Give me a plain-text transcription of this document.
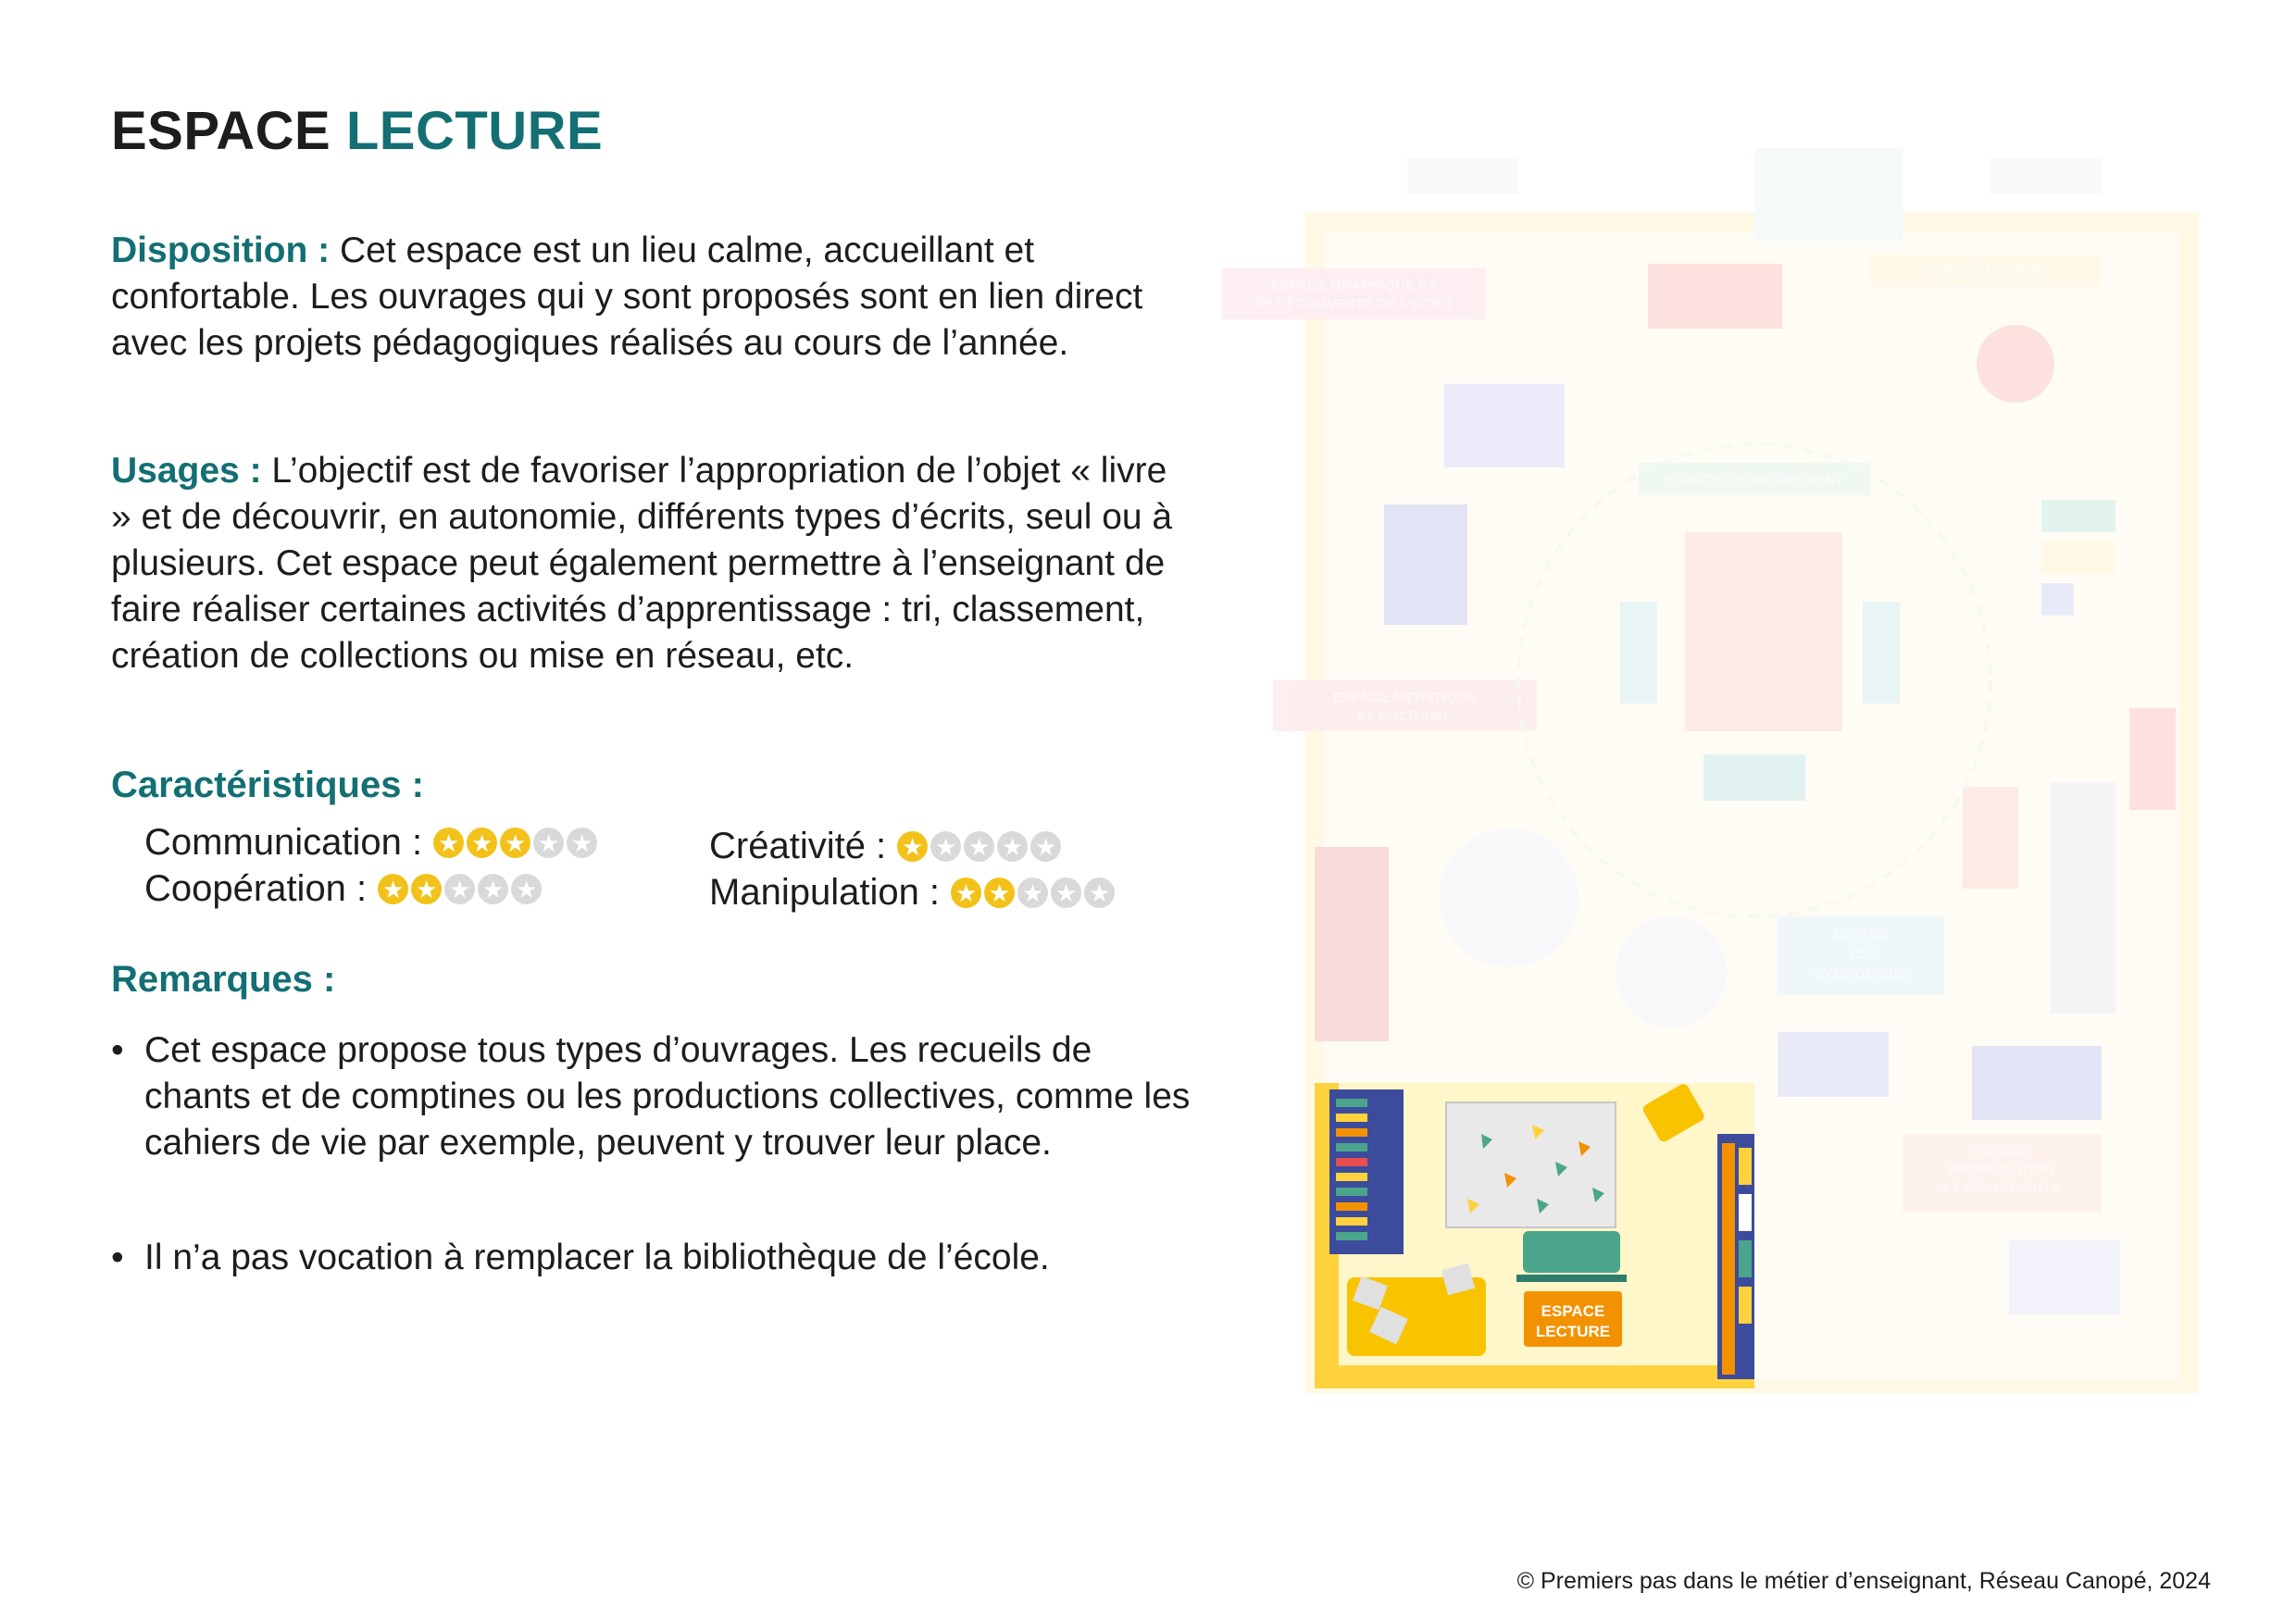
ESPACE LECTURE

Disposition : Cet espace est un lieu calme, accueillant et confortable. Les ouvrages qui y sont proposés sont en lien direct avec les projets pédagogiques réalisés au cours de l’année.

Usages : L’objectif est de favoriser l’appropriation de l’objet « livre » et de découvrir, en autonomie, différents types d’écrits, seul ou à plusieurs. Cet espace peut également permettre à l’enseignant de faire réaliser certaines activités d’apprentissage : tri, classement, création de collections ou mise en réseau, etc.

Caractéristiques :
Communication : ★ ★ ★ ★ ★
Coopération : ★ ★ ★ ★ ★
Créativité : ★ ★ ★ ★ ★
Manipulation : ★ ★ ★ ★ ★
Remarques :
• Cet espace propose tous types d’ouvrages. Les recueils de chants et de comptines ou les productions collectives, comme les cahiers de vie par exemple, peuvent y trouver leur place.
• Il n’a pas vocation à remplacer la bibliothèque de l’école.
ESPACE
LECTURE
ESPACE GRAPHIQUE ET
DE DÉCOUVERTE DE L’ÉCRIT
ESPACE MOTEUR
ESPACE REGROUPEMENT
ESPACE ARTISTIQUE
ET CULTUREL
ESPACE
JEU
SYMBOLIQUE
ESPACE
MANIPULATION
ET DÉCOUVERTE
© Premiers pas dans le métier d’enseignant, Réseau Canopé, 2024
